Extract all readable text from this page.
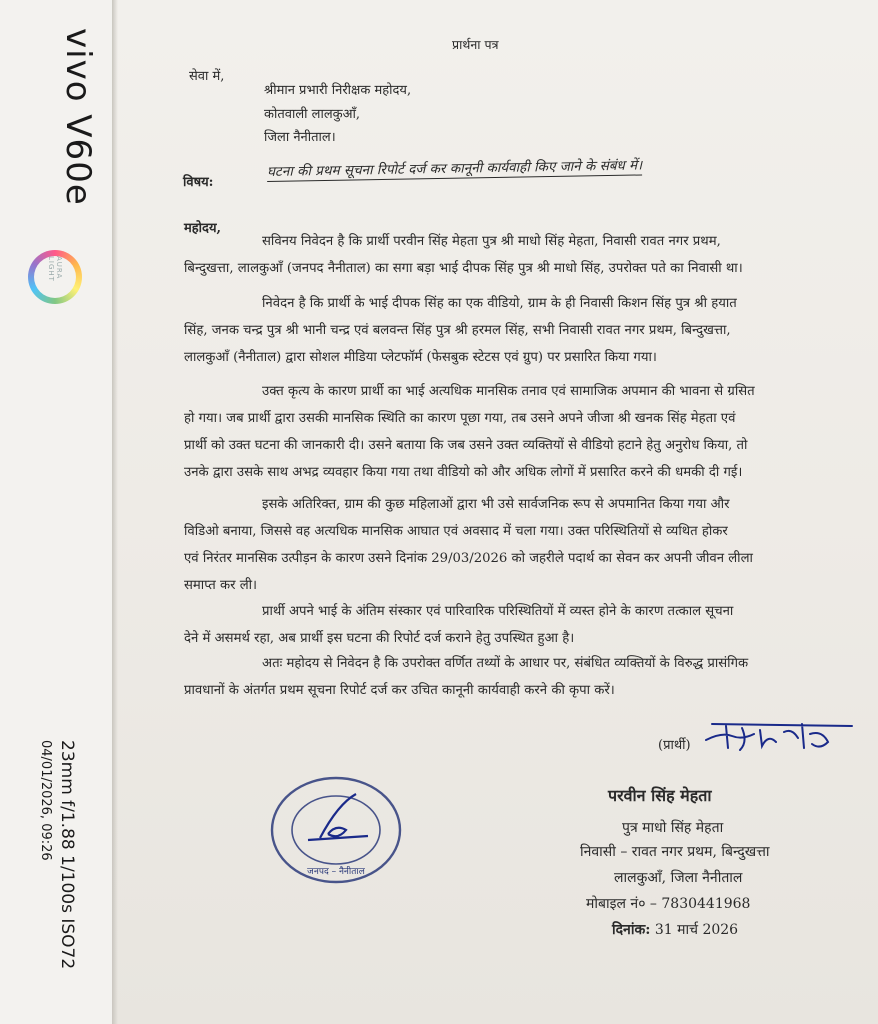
vivo V60e
AURA LIGHT
23mm f/1.88 1/100s ISO72
04/01/2026, 09:26
प्रार्थना पत्र
सेवा में,
श्रीमान प्रभारी निरीक्षक महोदय,
कोतवाली लालकुआँ,
जिला नैनीताल।
विषय:
घटना की प्रथम सूचना रिपोर्ट दर्ज कर कानूनी कार्यवाही किए जाने के संबंध में।
महोदय,
सविनय निवेदन है कि प्रार्थी परवीन सिंह मेहता पुत्र श्री माधो सिंह मेहता, निवासी रावत नगर प्रथम,
बिन्दुखत्ता, लालकुआँ (जनपद नैनीताल) का सगा बड़ा भाई दीपक सिंह पुत्र श्री माधो सिंह, उपरोक्त पते का निवासी था।
निवेदन है कि प्रार्थी के भाई दीपक सिंह का एक वीडियो, ग्राम के ही निवासी किशन सिंह पुत्र श्री हयात
सिंह, जनक चन्द्र पुत्र श्री भानी चन्द्र एवं बलवन्त सिंह पुत्र श्री हरमल सिंह, सभी निवासी रावत नगर प्रथम, बिन्दुखत्ता,
लालकुआँ (नैनीताल) द्वारा सोशल मीडिया प्लेटफॉर्म (फेसबुक स्टेटस एवं ग्रुप) पर प्रसारित किया गया।
उक्त कृत्य के कारण प्रार्थी का भाई अत्यधिक मानसिक तनाव एवं सामाजिक अपमान की भावना से ग्रसित
हो गया। जब प्रार्थी द्वारा उसकी मानसिक स्थिति का कारण पूछा गया, तब उसने अपने जीजा श्री खनक सिंह मेहता एवं
प्रार्थी को उक्त घटना की जानकारी दी। उसने बताया कि जब उसने उक्त व्यक्तियों से वीडियो हटाने हेतु अनुरोध किया, तो
उनके द्वारा उसके साथ अभद्र व्यवहार किया गया तथा वीडियो को और अधिक लोगों में प्रसारित करने की धमकी दी गई।
इसके अतिरिक्त, ग्राम की कुछ महिलाओं द्वारा भी उसे सार्वजनिक रूप से अपमानित किया गया और
विडिओ बनाया, जिससे वह अत्यधिक मानसिक आघात एवं अवसाद में चला गया। उक्त परिस्थितियों से व्यथित होकर
एवं निरंतर मानसिक उत्पीड़न के कारण उसने दिनांक 29/03/2026 को जहरीले पदार्थ का सेवन कर अपनी जीवन लीला
समाप्त कर ली।
प्रार्थी अपने भाई के अंतिम संस्कार एवं पारिवारिक परिस्थितियों में व्यस्त होने के कारण तत्काल सूचना
देने में असमर्थ रहा, अब प्रार्थी इस घटना की रिपोर्ट दर्ज कराने हेतु उपस्थित हुआ है।
अतः महोदय से निवेदन है कि उपरोक्त वर्णित तथ्यों के आधार पर, संबंधित व्यक्तियों के विरुद्ध प्रासंगिक
प्रावधानों के अंतर्गत प्रथम सूचना रिपोर्ट दर्ज कर उचित कानूनी कार्यवाही करने की कृपा करें।
(प्रार्थी)
परवीन सिंह मेहता
पुत्र माधो सिंह मेहता
निवासी – रावत नगर प्रथम, बिन्दुखत्ता
लालकुआँ, जिला नैनीताल
मोबाइल नं० – 7830441968
दिनांक: 31 मार्च 2026
जनपद – नैनीताल
